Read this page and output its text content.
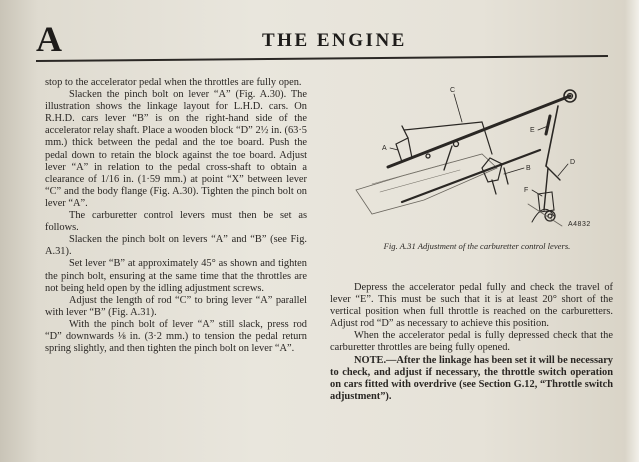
A	THE ENGINE

stop to the accelerator pedal when the throttles are fully open.

Slacken the pinch bolt on lever “A” (Fig. A.30). The illustration shows the linkage layout for L.H.D. cars. On R.H.D. cars lever “B” is on the right-hand side of the accelerator relay shaft. Place a wooden block “D” 2½ in. (63·5 mm.) thick between the pedal and the toe board. Push the pedal down to retain the block against the toe board. Adjust lever “A” in relation to the pedal cross-shaft to obtain a clearance of 1/16 in. (1·59 mm.) at point “X” between lever “C” and the body flange (Fig. A.30). Tighten the pinch bolt on lever “A”.

The carburetter control levers must then be set as follows.

Slacken the pinch bolt on levers “A” and “B” (see Fig. A.31).

Set lever “B” at approximately 45° as shown and tighten the pinch bolt, ensuring at the same time that the throttles are not being held open by the idling adjustment screws.

Adjust the length of rod “C” to bring lever “A” parallel with lever “B” (Fig. A.31).

With the pinch bolt of lever “A” still slack, press rod “D” downwards ⅛ in. (3·2 mm.) to tension the pedal return spring slightly, and then tighten the pinch bolt on lever “A”.

C
A
B
E
D
F
A4832
Fig. A.31 Adjustment of the carburetter control levers.

Depress the accelerator pedal fully and check the travel of lever “E”. This must be such that it is at least 20° short of the vertical position when full throttle is reached on the carburetters. Adjust rod “D” as necessary to achieve this position.

When the accelerator pedal is fully depressed check that the carburetter throttles are being fully opened.

NOTE.—After the linkage has been set it will be necessary to check, and adjust if necessary, the throttle switch operation on cars fitted with overdrive (see Section G.12, “Throttle switch adjustment”).
